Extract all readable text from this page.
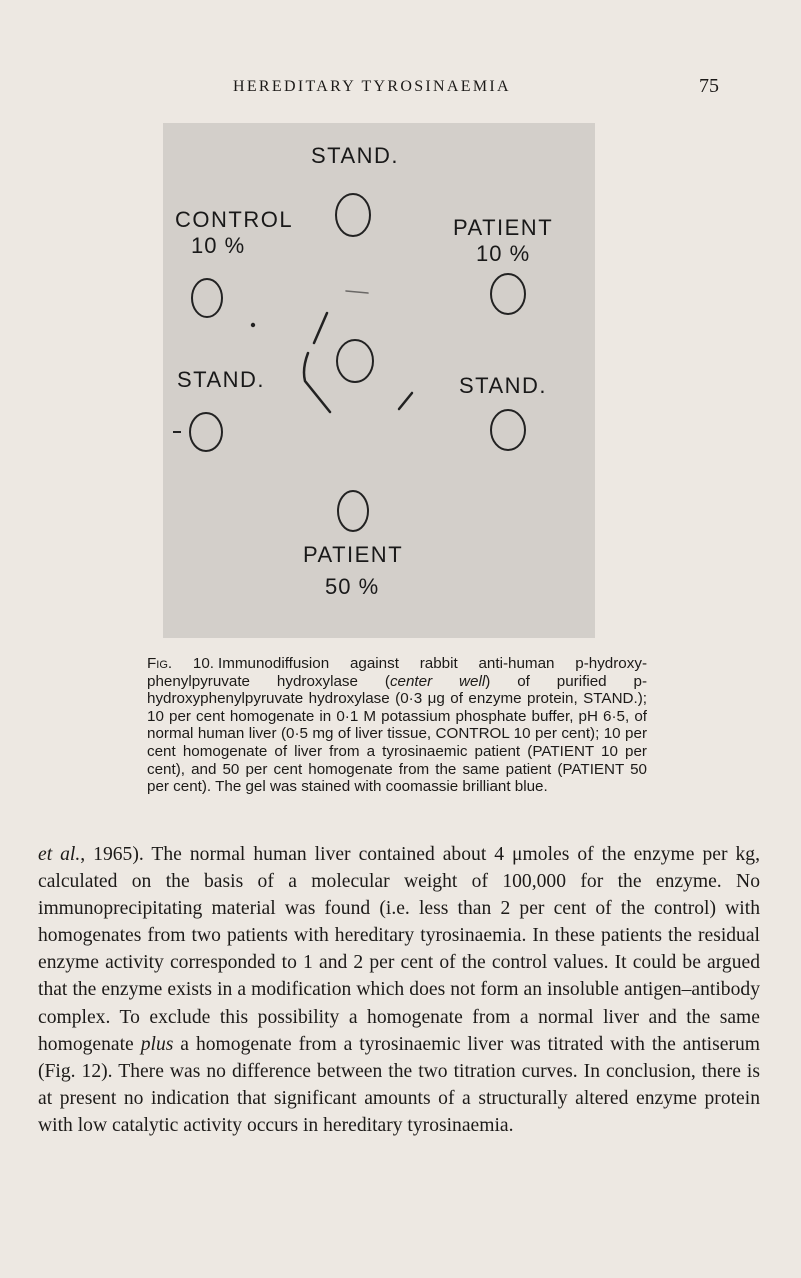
HEREDITARY TYROSINAEMIA	75
STAND.
CONTROL
10 %
PATIENT
10 %
STAND.	STAND.
PATIENT
50 %
Fig. 10. Immunodiffusion against rabbit anti-human p-hydroxyphenylpyruvate hydroxylase (center well) of purified p-hydroxyphenylpyruvate hydroxylase (0·3 μg of enzyme protein, STAND.); 10 per cent homogenate in 0·1 M potassium phosphate buffer, pH 6·5, of normal human liver (0·5 mg of liver tissue, CONTROL 10 per cent); 10 per cent homogenate of liver from a tyrosinaemic patient (PATIENT 10 per cent), and 50 per cent homogenate from the same patient (PATIENT 50 per cent). The gel was stained with coomassie brilliant blue.

et al., 1965). The normal human liver contained about 4 μmoles of the enzyme per kg, calculated on the basis of a molecular weight of 100,000 for the enzyme. No immunoprecipitating material was found (i.e. less than 2 per cent of the control) with homogenates from two patients with hereditary tyrosinaemia. In these patients the residual enzyme activity corresponded to 1 and 2 per cent of the control values. It could be argued that the enzyme exists in a modification which does not form an insoluble antigen–antibody complex. To exclude this possibility a homogenate from a normal liver and the same homogenate plus a homogenate from a tyrosinaemic liver was titrated with the antiserum (Fig. 12). There was no difference between the two titration curves. In conclusion, there is at present no indication that significant amounts of a structurally altered enzyme protein with low catalytic activity occurs in hereditary tyrosinaemia.
